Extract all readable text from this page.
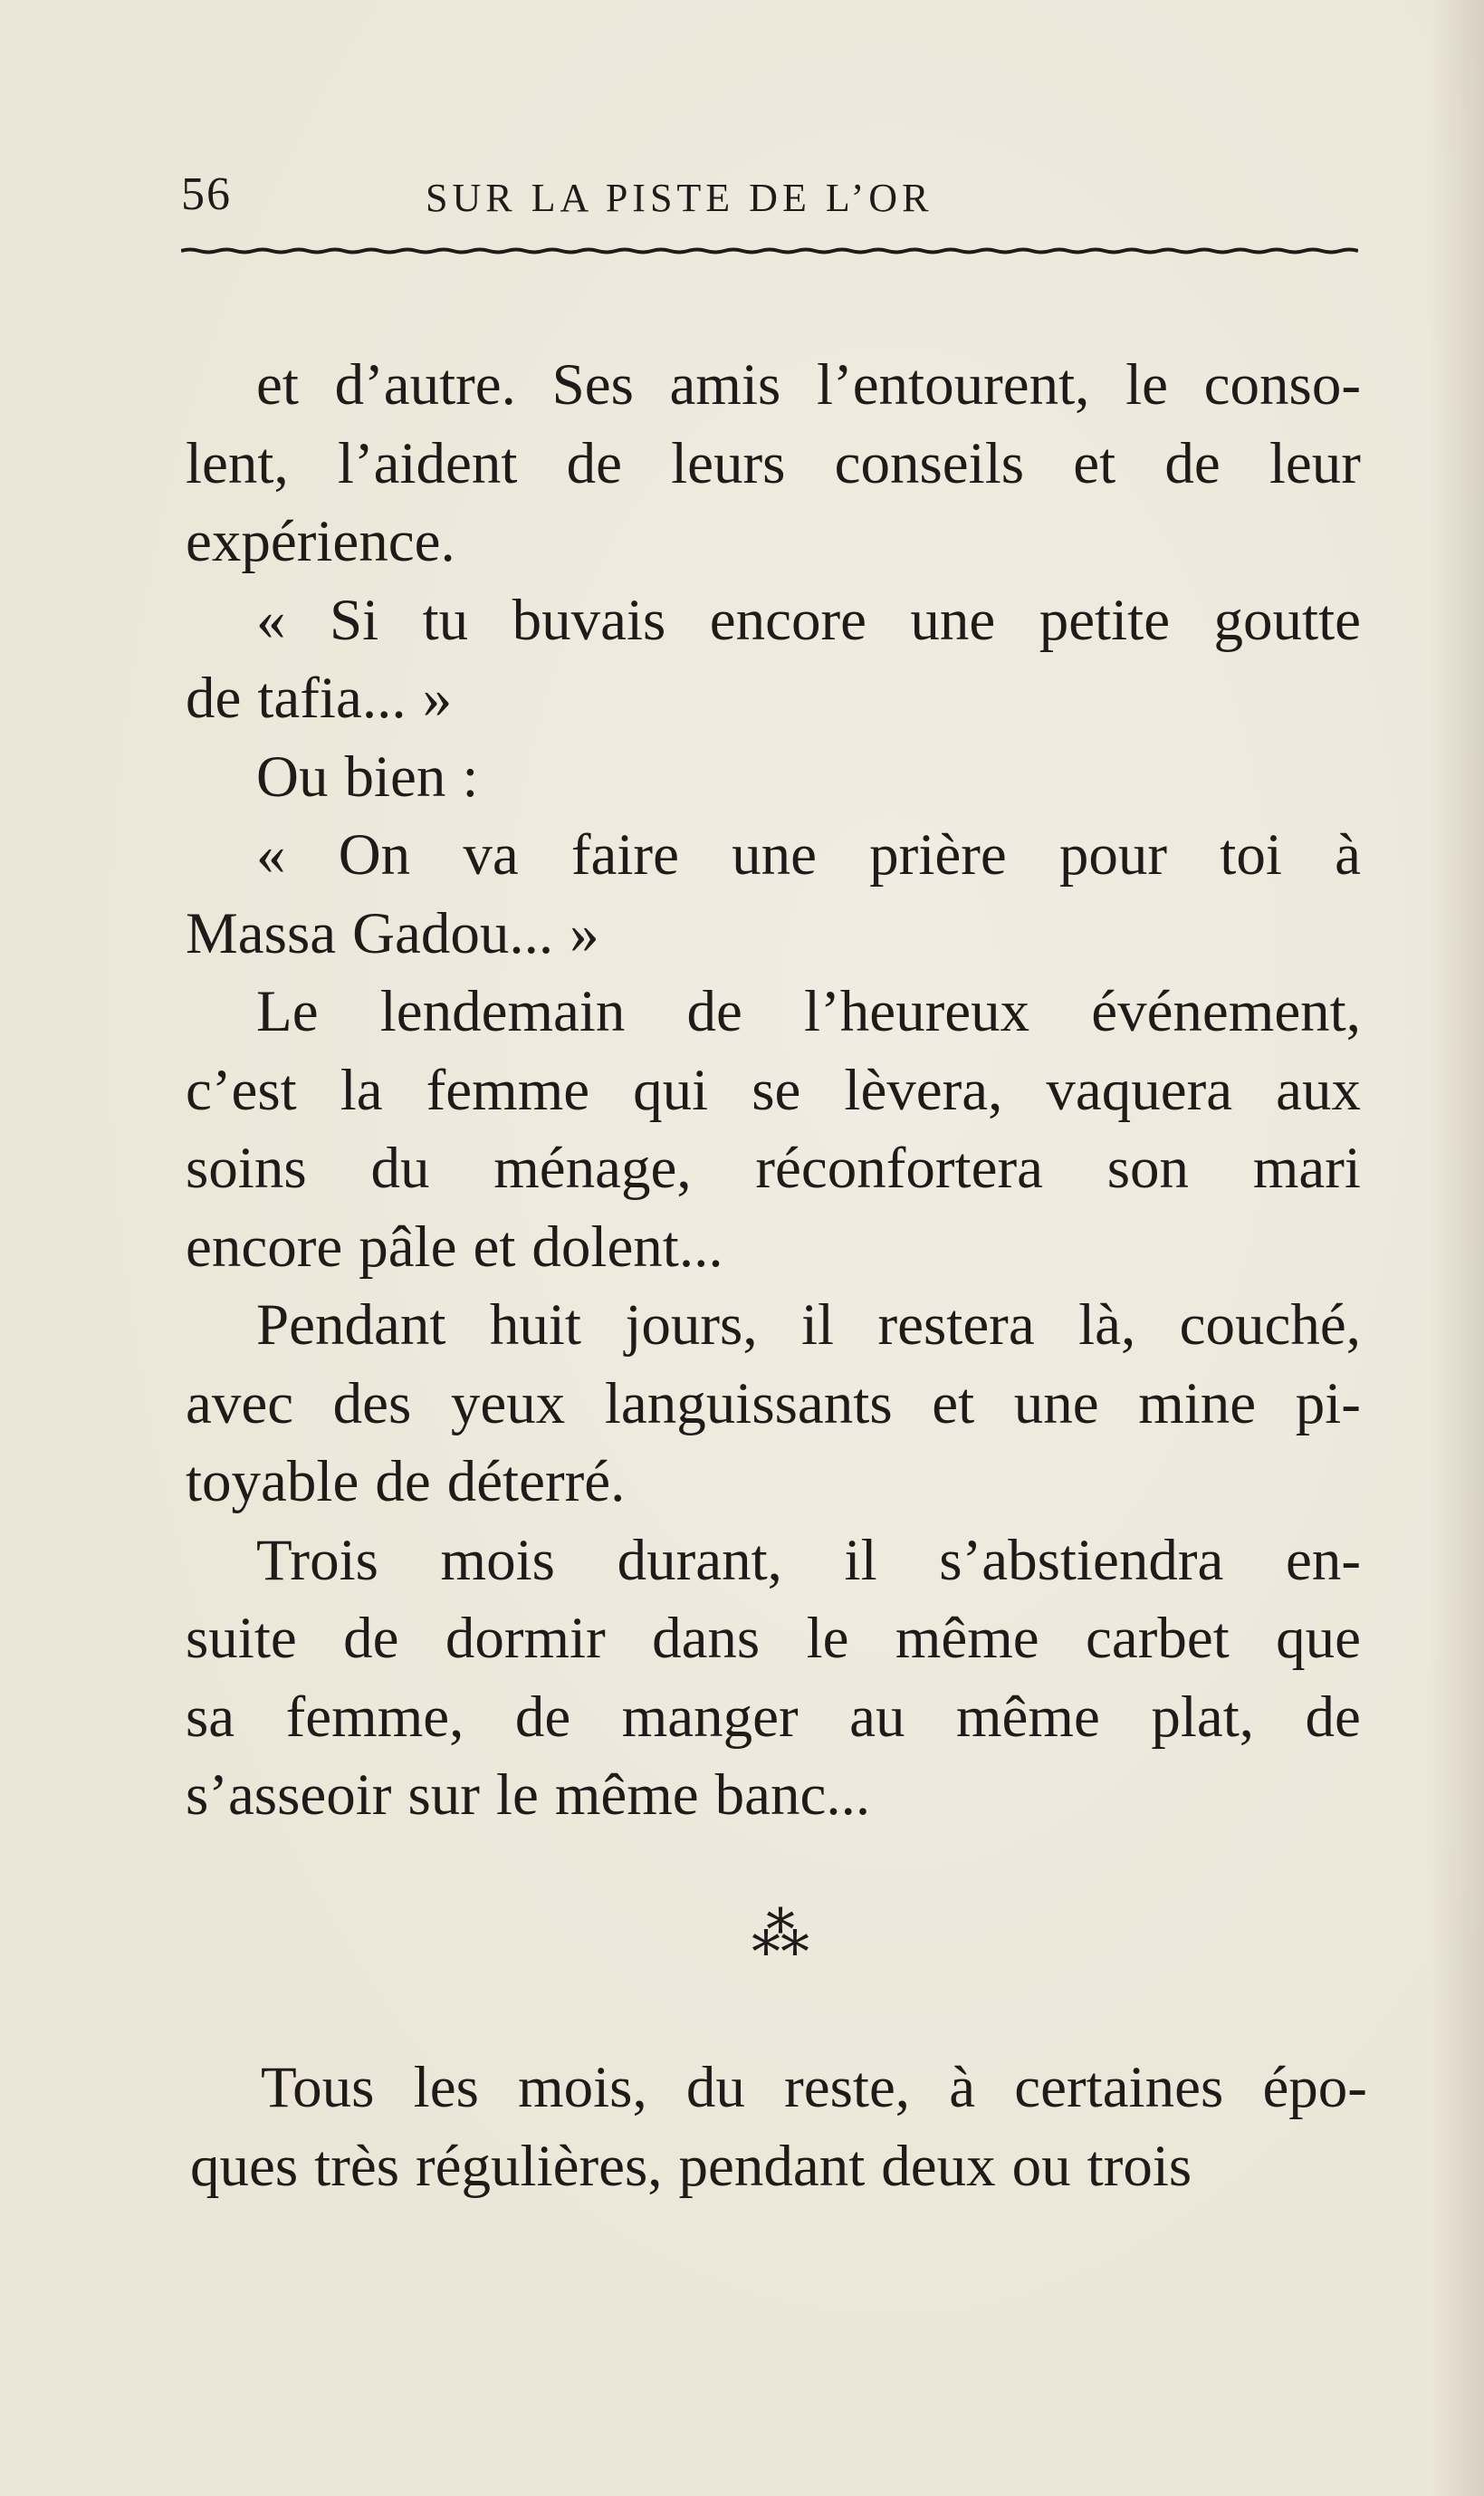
56	SUR LA PISTE DE L’OR
et d’autre. Ses amis l’entourent, le conso-
lent, l’aident de leurs conseils et de leur
expérience.
« Si tu buvais encore une petite goutte
de tafia... »
Ou bien :
« On va faire une prière pour toi à
Massa Gadou... »
Le lendemain de l’heureux événement,
c’est la femme qui se lèvera, vaquera aux
soins du ménage, réconfortera son mari
encore pâle et dolent...
Pendant huit jours, il restera là, couché,
avec des yeux languissants et une mine pi-
toyable de déterré.
Trois mois durant, il s’abstiendra en-
suite de dormir dans le même carbet que
sa femme, de manger au même plat, de
s’asseoir sur le même banc...
⁂
Tous les mois, du reste, à certaines épo-
ques très régulières, pendant deux ou trois
